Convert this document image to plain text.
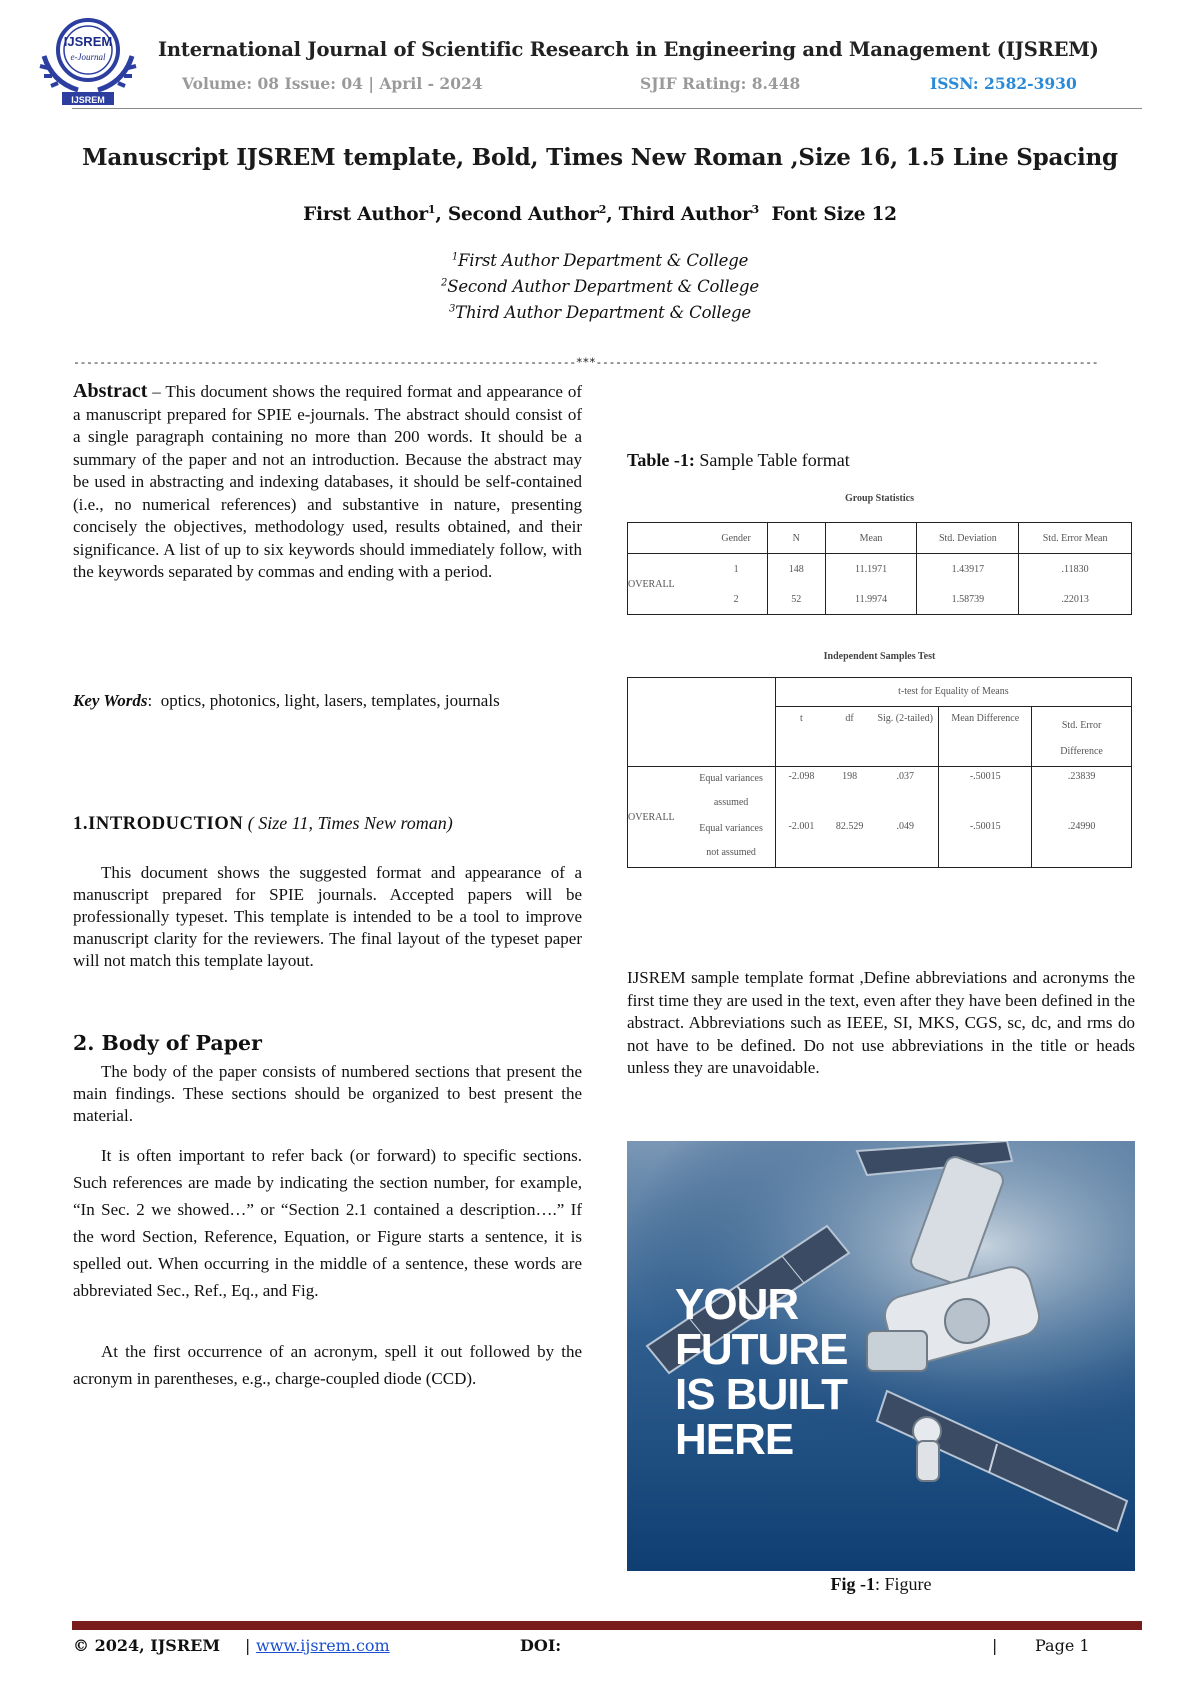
IJSREM
e-Journal
IJSREM
International Journal of Scientific Research in Engineering and Management (IJSREM)
Volume: 08 Issue: 04 | April - 2024	SJIF Rating: 8.448	ISSN: 2582-3930
Manuscript IJSREM template, Bold, Times New Roman ,Size 16, 1.5 Line Spacing
First Author$^1$, Second Author$^2$, Third Author$^3$  Font Size 12
$^1$First Author Department & College
$^2$Second Author Department & College
$^3$Third Author Department & College
-----------------------------------------------------------------------------***-----------------------------------------------------------------------------
Abstract – This document shows the required format and appearance of a manuscript prepared for SPIE e-journals. The abstract should consist of a single paragraph containing no more than 200 words. It should be a summary of the paper and not an introduction. Because the abstract may be used in abstracting and indexing databases, it should be self-contained (i.e., no numerical references) and substantive in nature, presenting concisely the objectives, methodology used, results obtained, and their significance. A list of up to six keywords should immediately follow, with the keywords separated by commas and ending with a period.
Key Words:  optics, photonics, light, lasers, templates, journals
1.INTRODUCTION ( Size 11, Times New roman)
This document shows the suggested format and appearance of a manuscript prepared for SPIE journals. Accepted papers will be professionally typeset. This template is intended to be a tool to improve manuscript clarity for the reviewers. The final layout of the typeset paper will not match this template layout.
2. Body of Paper
The body of the paper consists of numbered sections that present the main findings. These sections should be organized to best present the material.
It is often important to refer back (or forward) to specific sections. Such references are made by indicating the section number, for example, “In Sec. 2 we showed…” or “Section 2.1 contained a description….” If the word Section, Reference, Equation, or Figure starts a sentence, it is spelled out. When occurring in the middle of a sentence, these words are abbreviated Sec., Ref., Eq., and Fig.
At the first occurrence of an acronym, spell it out followed by the acronym in parentheses, e.g., charge-coupled diode (CCD).
Table -1: Sample Table format
Group Statistics
	Gender	N	Mean	Std. Deviation	Std. Error Mean
OVERALL	1	148	11.1971	1.43917	.11830
	2	52	11.9974	1.58739	.22013
Independent Samples Test
		t-test for Equality of Means				
		t	df	Sig. (2-tailed)	Mean Difference	Std. Error
Difference
OVERALL	Equal variances
assumed	-2.098	198	.037	-.50015	.23839
	Equal variances
not assumed	-2.001	82.529	.049	-.50015	.24990
IJSREM sample template format ,Define abbreviations and acronyms the first time they are used in the text, even after they have been defined in the abstract. Abbreviations such as IEEE, SI, MKS, CGS, sc, dc, and rms do not have to be defined. Do not use abbreviations in the title or heads unless they are unavoidable.
YOUR
FUTURE
IS BUILT
HERE
Fig -1: Figure
© 2024, IJSREM | www.ijsrem.com	DOI:	| Page 1
